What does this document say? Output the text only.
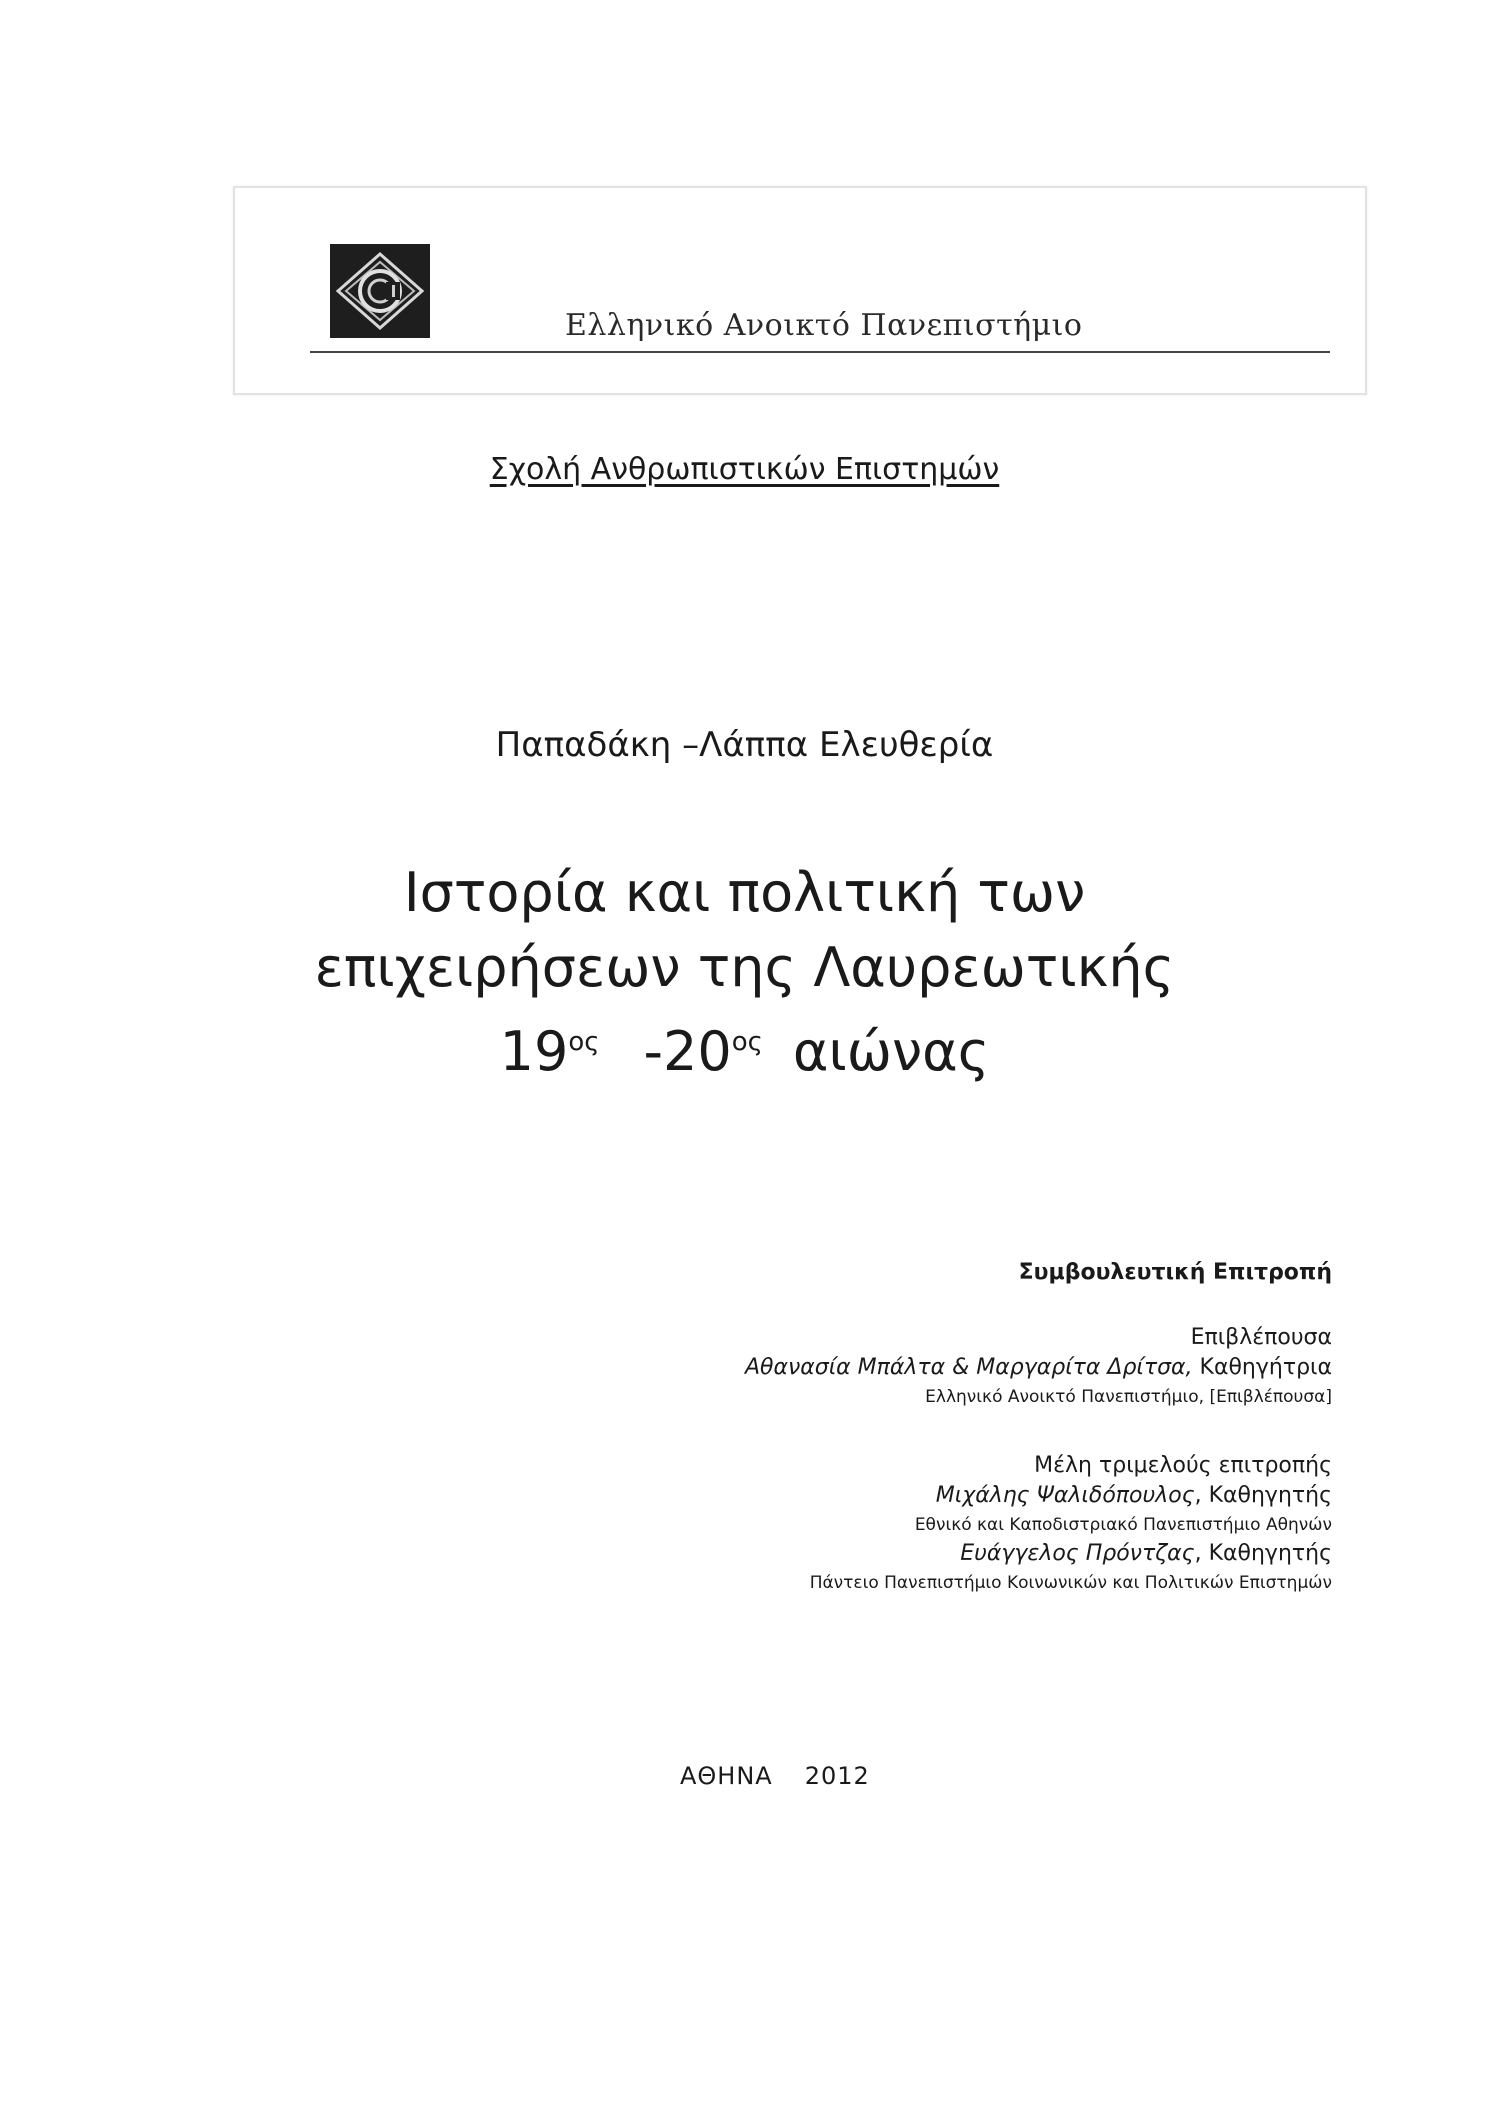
Ελληνικό Ανοικτό Πανεπιστήμιο
Σχολή Ανθρωπιστικών Επιστημών
Παπαδάκη –Λάππα Ελευθερία
Ιστορία και πολιτική των
επιχειρήσεων της Λαυρεωτικής
$19^{o\varsigma}$ $-20^{o\varsigma}$ αιώνας
Συμβουλευτική Επιτροπή
Επιβλέπουσα
Αθανασία Μπάλτα & Μαργαρίτα Δρίτσα, Καθηγήτρια
Ελληνικό Ανοικτό Πανεπιστήμιο, [Επιβλέπουσα]
Μέλη τριμελούς επιτροπής
Μιχάλης Ψαλιδόπουλος, Καθηγητής
Εθνικό και Καποδιστριακό Πανεπιστήμιο Αθηνών
Ευάγγελος Πρόντζας, Καθηγητής
Πάντειο Πανεπιστήμιο Κοινωνικών και Πολιτικών Επιστημών
ΑΘΗΝΑ 2012
